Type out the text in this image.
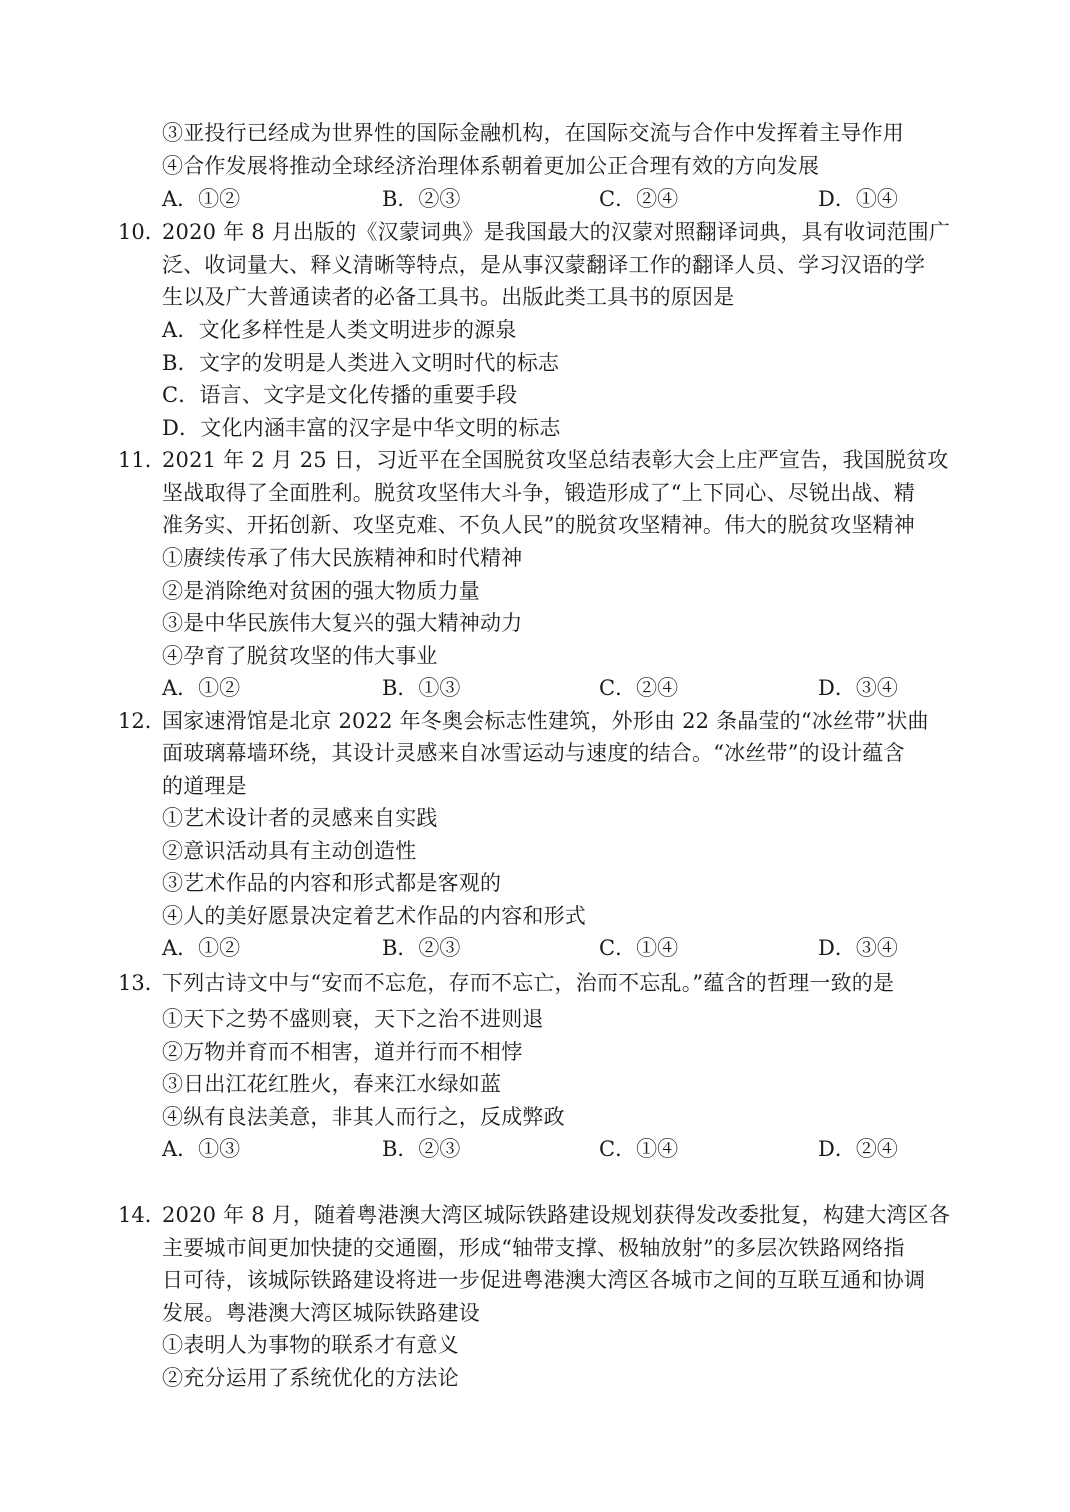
③亚投行已经成为世界性的国际金融机构，在国际交流与合作中发挥着主导作用
④合作发展将推动全球经济治理体系朝着更加公正合理有效的方向发展
A．①②	B．②③	C．②④	D．①④
10．
2020 年 8 月出版的《汉蒙词典》是我国最大的汉蒙对照翻译词典，具有收词范围广
泛、收词量大、释义清晰等特点，是从事汉蒙翻译工作的翻译人员、学习汉语的学
生以及广大普通读者的必备工具书。出版此类工具书的原因是
A．文化多样性是人类文明进步的源泉
B．文字的发明是人类进入文明时代的标志
C．语言、文字是文化传播的重要手段
D．文化内涵丰富的汉字是中华文明的标志
11．
2021 年 2 月 25 日，习近平在全国脱贫攻坚总结表彰大会上庄严宣告，我国脱贫攻
坚战取得了全面胜利。脱贫攻坚伟大斗争，锻造形成了“上下同心、尽锐出战、精
准务实、开拓创新、攻坚克难、不负人民”的脱贫攻坚精神。伟大的脱贫攻坚精神
①赓续传承了伟大民族精神和时代精神
②是消除绝对贫困的强大物质力量
③是中华民族伟大复兴的强大精神动力
④孕育了脱贫攻坚的伟大事业
A．①②	B．①③	C．②④	D．③④
12．
国家速滑馆是北京 2022 年冬奥会标志性建筑，外形由 22 条晶莹的“冰丝带”状曲
面玻璃幕墙环绕，其设计灵感来自冰雪运动与速度的结合。“冰丝带”的设计蕴含
的道理是
①艺术设计者的灵感来自实践
②意识活动具有主动创造性
③艺术作品的内容和形式都是客观的
④人的美好愿景决定着艺术作品的内容和形式
A．①②	B．②③	C．①④	D．③④
13．
下列古诗文中与“安而不忘危，存而不忘亡，治而不忘乱。”蕴含的哲理一致的是
①天下之势不盛则衰，天下之治不进则退
②万物并育而不相害，道并行而不相悖
③日出江花红胜火，春来江水绿如蓝
④纵有良法美意，非其人而行之，反成弊政
A．①③	B．②③	C．①④	D．②④
14．
2020 年 8 月，随着粤港澳大湾区城际铁路建设规划获得发改委批复，构建大湾区各
主要城市间更加快捷的交通圈，形成“轴带支撑、极轴放射”的多层次铁路网络指
日可待，该城际铁路建设将进一步促进粤港澳大湾区各城市之间的互联互通和协调
发展。粤港澳大湾区城际铁路建设
①表明人为事物的联系才有意义
②充分运用了系统优化的方法论
